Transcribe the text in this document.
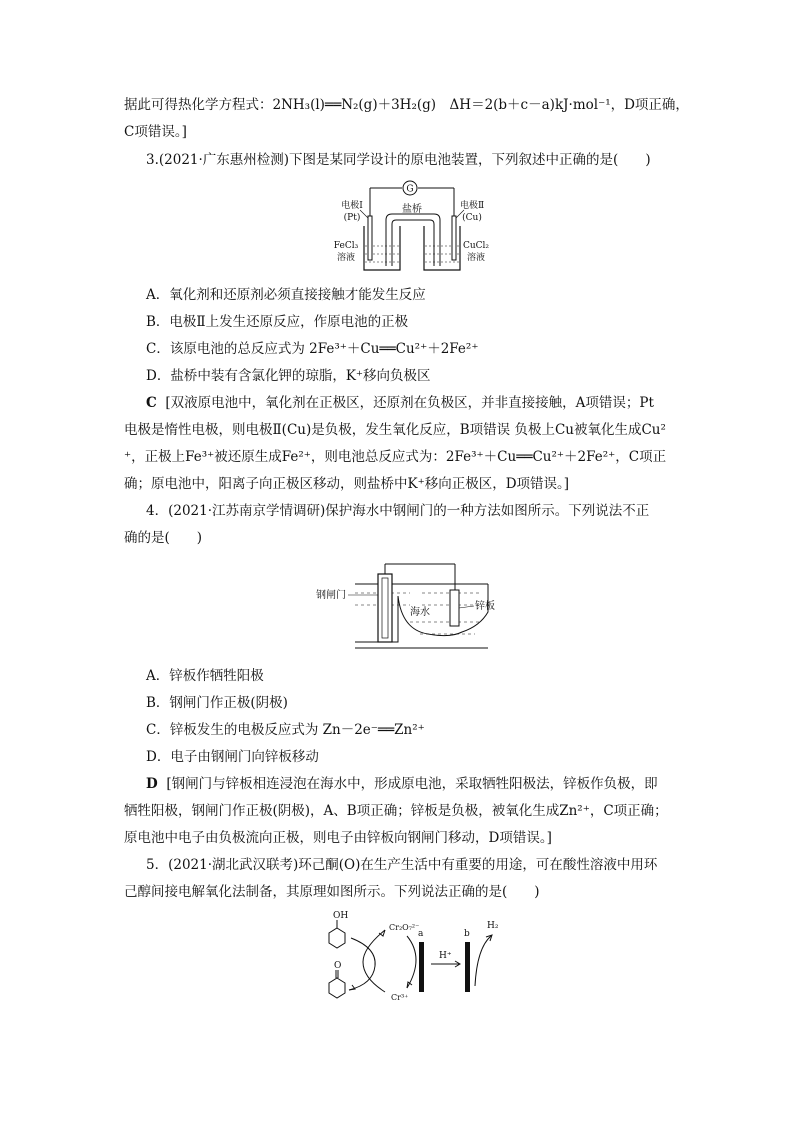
据此可得热化学方程式：2NH₃(l)══N₂(g)＋3H₂(g)　ΔH＝2(b＋c－a)kJ·mol⁻¹，D项正确，
C项错误。]
3.(2021·广东惠州检测)下图是某同学设计的原电池装置，下列叙述中正确的是(　　)
G
盐桥
电极Ⅰ
(Pt)
电极Ⅱ
(Cu)
FeCl₃
溶液
CuCl₂
溶液
A．氧化剂和还原剂必须直接接触才能发生反应
B．电极Ⅱ上发生还原反应，作原电池的正极
C．该原电池的总反应式为 2Fe³⁺＋Cu══Cu²⁺＋2Fe²⁺
D．盐桥中装有含氯化钾的琼脂，K⁺移向负极区
C [双液原电池中，氧化剂在正极区，还原剂在负极区，并非直接接触，A项错误；Pt
电极是惰性电极，则电极Ⅱ(Cu)是负极，发生氧化反应，B项错误 负极上Cu被氧化生成Cu²
⁺，正极上Fe³⁺被还原生成Fe²⁺，则电池总反应式为：2Fe³⁺＋Cu══Cu²⁺＋2Fe²⁺，C项正
确；原电池中，阳离子向正极区移动，则盐桥中K⁺移向正极区，D项错误。]
4．(2021·江苏南京学情调研)保护海水中钢闸门的一种方法如图所示。下列说法不正
确的是(　　)
钢闸门
海水
锌板
A．锌板作牺牲阳极
B．钢闸门作正极(阴极)
C．锌板发生的电极反应式为 Zn－2e⁻══Zn²⁺
D．电子由钢闸门向锌板移动
D [钢闸门与锌板相连浸泡在海水中，形成原电池，采取牺牲阳极法，锌板作负极，即
牺牲阳极，钢闸门作正极(阴极)，A、B项正确；锌板是负极，被氧化生成Zn²⁺，C项正确；
原电池中电子由负极流向正极，则电子由锌板向钢闸门移动，D项错误。]
5．(2021·湖北武汉联考)环己酮(O)在生产生活中有重要的用途，可在酸性溶液中用环
己醇间接电解氧化法制备，其原理如图所示。下列说法正确的是(　　)
OH
O
Cr₂O₇²⁻
Cr³⁺
a
H⁺
b
H₂
